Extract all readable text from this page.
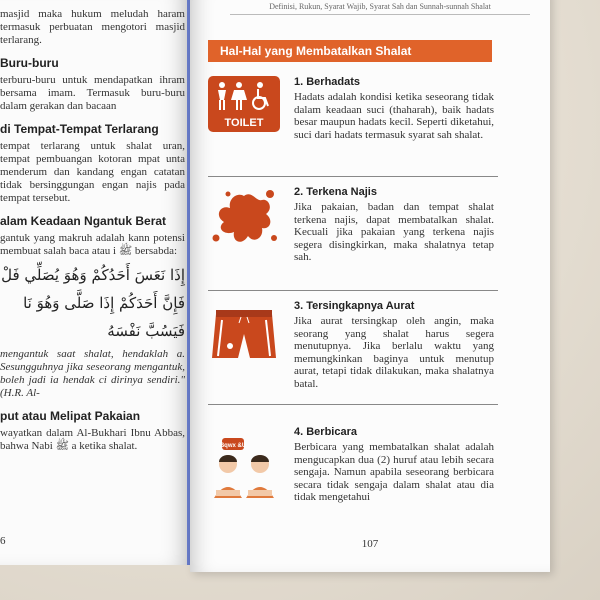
masjid maka hukum meludah haram termasuk perbuatan mengotori masjid terlarang.

Buru-buru

terburu-buru untuk mendapatkan ihram bersama imam. Termasuk buru-buru dalam gerakan dan bacaan

di Tempat-Tempat Terlarang

tempat terlarang untuk shalat uran, tempat pembuangan kotoran mpat unta menderum dan kandang engan catatan tidak bersinggungan engan najis pada tempat tersebut.

alam Keadaan Ngantuk Berat

gantuk yang makruh adalah kann potensi membuat salah baca atau i ﷺ bersabda:

إِذَا نَعَسَ أَحَدُكُمْ وَهُوَ يُصَلِّي فَلْ
فَإِنَّ أَحَدَكُمْ إِذَا صَلَّى وَهُوَ نَا
فَيَسُبَّ نَفْسَهُ

mengantuk saat shalat, hendaklah a. Sesungguhnya jika seseorang mengantuk, boleh jadi ia hendak ci dirinya sendiri." (H.R. Al-

put atau Melipat Pakaian

wayatkan dalam Al-Bukhari Ibnu Abbas, bahwa Nabi ﷺ a ketika shalat.

6
Definisi, Rukun, Syarat Wajib, Syarat Sah dan Sunnah-sunnah Shalat
Hal-Hal yang Membatalkan Shalat
TOILET
1. Berhadats
Hadats adalah kondisi ketika seseorang tidak dalam keadaan suci (thaharah), baik hadats besar maupun hadats kecil. Seperti diketahui, suci dari hadats termasuk syarat sah shalat.
2. Terkena Najis
Jika pakaian, badan dan tempat shalat terkena najis, dapat membatalkan shalat. Kecuali jika pakaian yang terkena najis segera disingkirkan, maka shalatnya tetap sah.
3. Tersingkapnya Aurat
Jika aurat tersingkap oleh angin, maka seorang yang shalat harus segera menutupnya. Jika berlalu waktu yang memungkinkan baginya untuk menutup aurat, tetapi tidak dilakukan, maka shalatnya batal.
Bqwx &U
4. Berbicara
Berbicara yang membatalkan shalat adalah mengucapkan dua (2) huruf atau lebih secara sengaja. Namun apabila seseorang berbicara secara tidak sengaja dalam shalat atau dia tidak mengetahui
107
